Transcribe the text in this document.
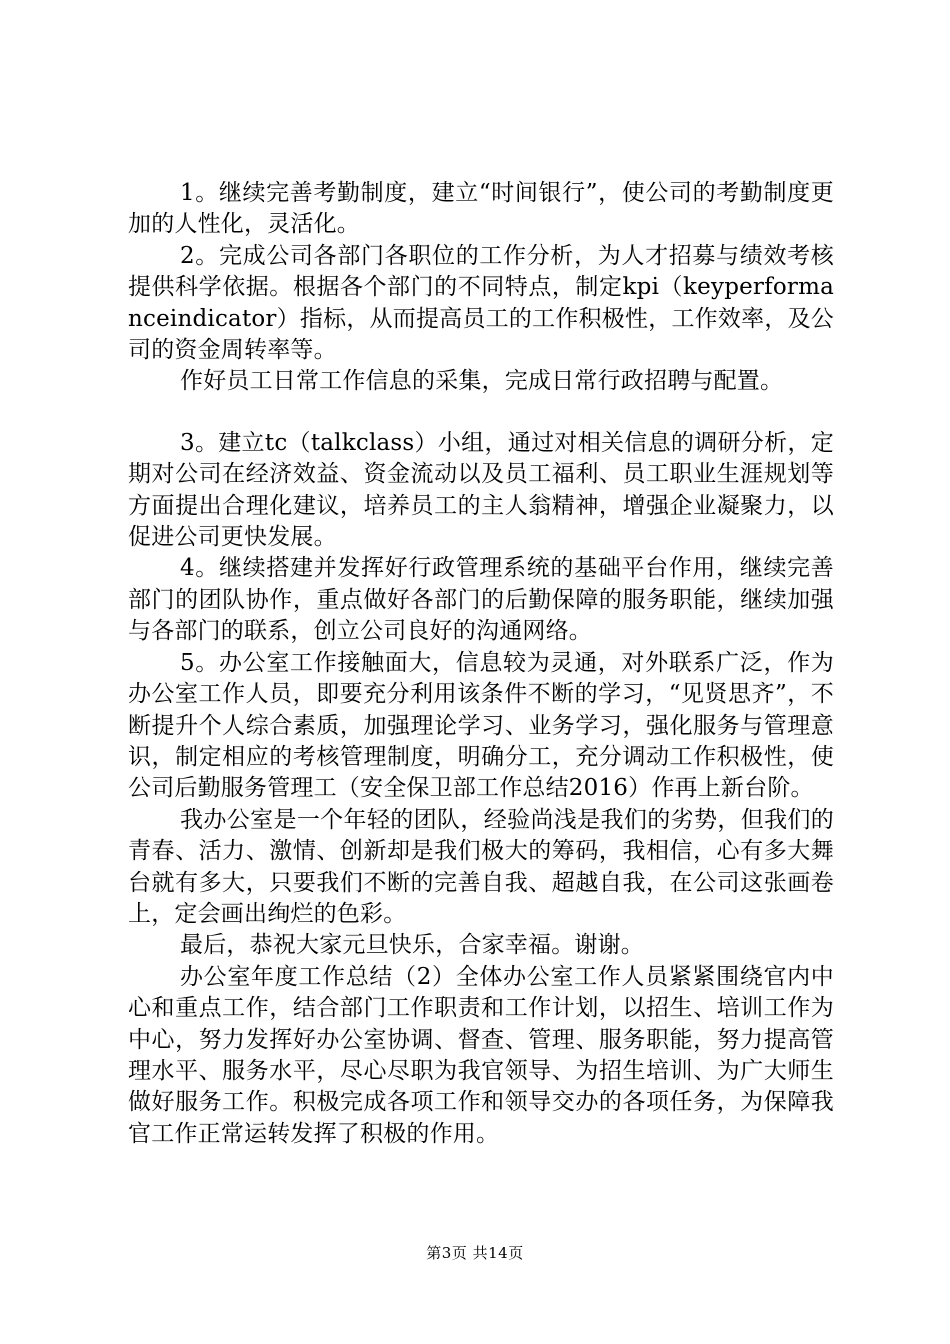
1。继续完善考勤制度，建立“时间银行”，使公司的考勤制度更加的人性化，灵活化。

2。完成公司各部门各职位的工作分析，为人才招募与绩效考核提供科学依据。根据各个部门的不同特点，制定kpi（keyperformanceindicator）指标，从而提高员工的工作积极性，工作效率，及公司的资金周转率等。

作好员工日常工作信息的采集，完成日常行政招聘与配置。

3。建立tc（talkclass）小组，通过对相关信息的调研分析，定期对公司在经济效益、资金流动以及员工福利、员工职业生涯规划等方面提出合理化建议，培养员工的主人翁精神，增强企业凝聚力，以促进公司更快发展。

4。继续搭建并发挥好行政管理系统的基础平台作用，继续完善部门的团队协作，重点做好各部门的后勤保障的服务职能，继续加强与各部门的联系，创立公司良好的沟通网络。

5。办公室工作接触面大，信息较为灵通，对外联系广泛，作为办公室工作人员，即要充分利用该条件不断的学习，“见贤思齐”，不断提升个人综合素质，加强理论学习、业务学习，强化服务与管理意识，制定相应的考核管理制度，明确分工，充分调动工作积极性，使公司后勤服务管理工（安全保卫部工作总结2016）作再上新台阶。

我办公室是一个年轻的团队，经验尚浅是我们的劣势，但我们的青春、活力、激情、创新却是我们极大的筹码，我相信，心有多大舞台就有多大，只要我们不断的完善自我、超越自我，在公司这张画卷上，定会画出绚烂的色彩。

最后，恭祝大家元旦快乐，合家幸福。谢谢。

办公室年度工作总结（2）全体办公室工作人员紧紧围绕官内中心和重点工作，结合部门工作职责和工作计划，以招生、培训工作为中心，努力发挥好办公室协调、督查、管理、服务职能，努力提高管理水平、服务水平，尽心尽职为我官领导、为招生培训、为广大师生做好服务工作。积极完成各项工作和领导交办的各项任务，为保障我官工作正常运转发挥了积极的作用。

第3页 共14页
